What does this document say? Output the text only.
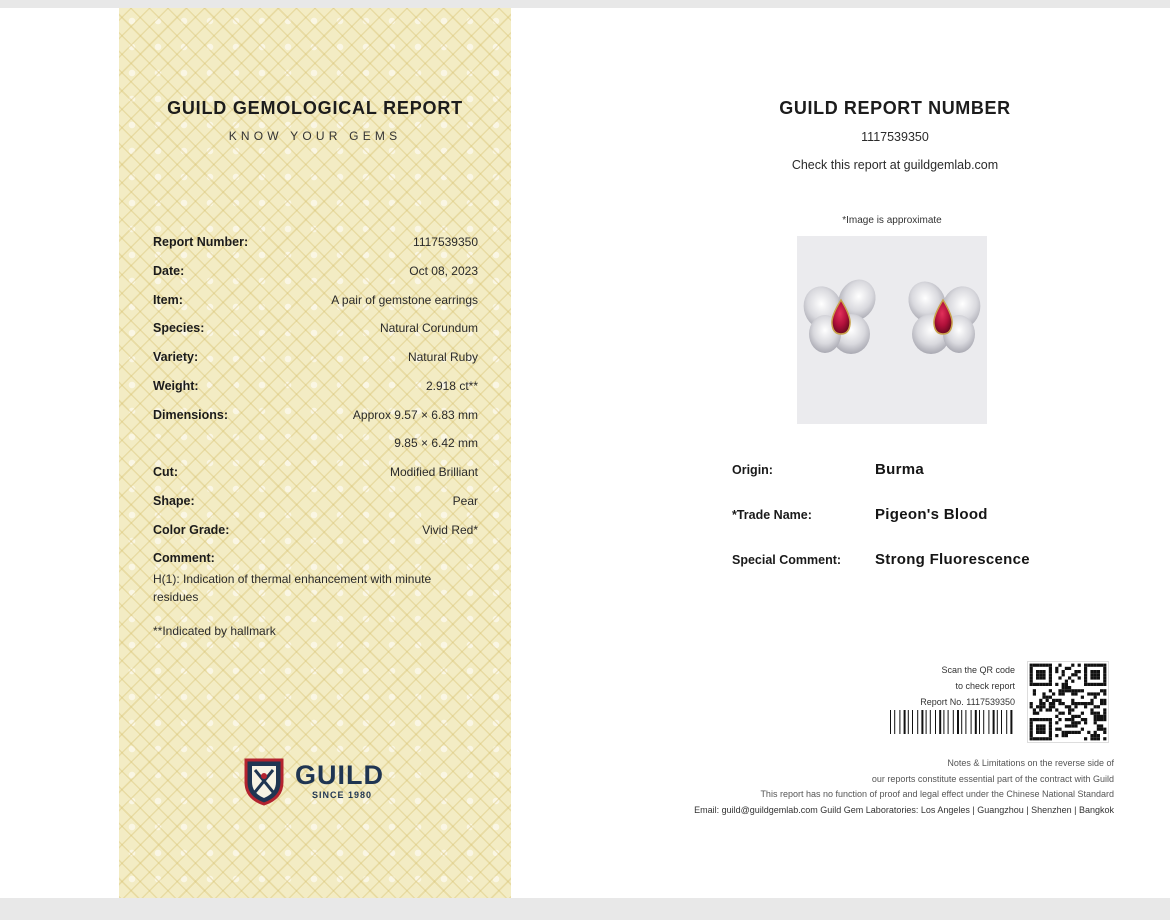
GUILD GEMOLOGICAL REPORT
KNOW YOUR GEMS
Report Number:	1117539350
Date:	Oct 08, 2023
Item:	A pair of gemstone earrings
Species:	Natural Corundum
Variety:	Natural Ruby
Weight:	2.918 ct**
Dimensions:	Approx 9.57 × 6.83 mm
9.85 × 6.42 mm
Cut:	Modified Brilliant
Shape:	Pear
Color Grade:	Vivid Red*
Comment:
H(1): Indication of thermal enhancement with minute residues
**Indicated by hallmark
GUILD
SINCE 1980
GUILD REPORT NUMBER
1117539350
Check this report at guildgemlab.com
*Image is approximate
Origin:	Burma
*Trade Name:	Pigeon's Blood
Special Comment: Strong Fluorescence
Scan the QR code
to check report
Report No. 1117539350
Notes & Limitations on the reverse side of
our reports constitute essential part of the contract with Guild
This report has no function of proof and legal effect under the Chinese National Standard
Email: guild@guildgemlab.com Guild Gem Laboratories: Los Angeles | Guangzhou | Shenzhen | Bangkok
